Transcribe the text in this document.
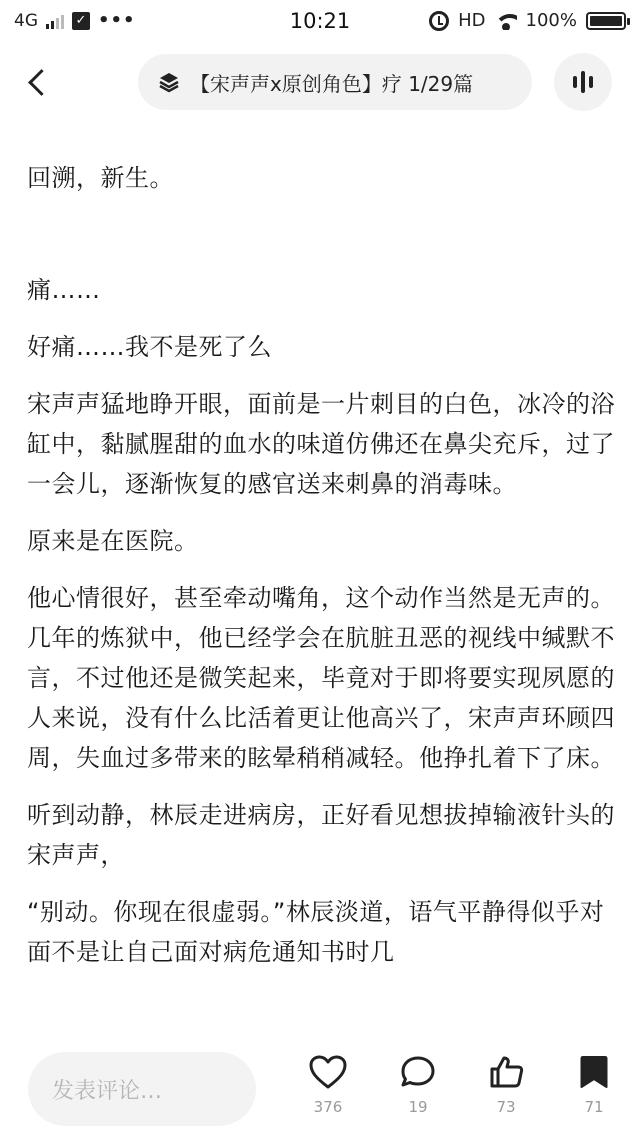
4G	✓ •••	10:21	HD 100%
【宋声声x原创角色】疗 1/29篇

回溯，新生。

痛……

好痛……我不是死了么

宋声声猛地睁开眼，面前是一片刺目的白色，冰冷的浴缸中，黏腻腥甜的血水的味道仿佛还在鼻尖充斥，过了一会儿，逐渐恢复的感官送来刺鼻的消毒味。

原来是在医院。

他心情很好，甚至牵动嘴角，这个动作当然是无声的。几年的炼狱中，他已经学会在肮脏丑恶的视线中缄默不言，不过他还是微笑起来，毕竟对于即将要实现夙愿的人来说，没有什么比活着更让他高兴了，宋声声环顾四周，失血过多带来的眩晕稍稍减轻。他挣扎着下了床。

听到动静，林辰走进病房，正好看见想拔掉输液针头的宋声声，

“别动。你现在很虚弱。”林辰淡道，语气平静得似乎对面不是让自己面对病危通知书时几

发表评论…
376	19	73	71
